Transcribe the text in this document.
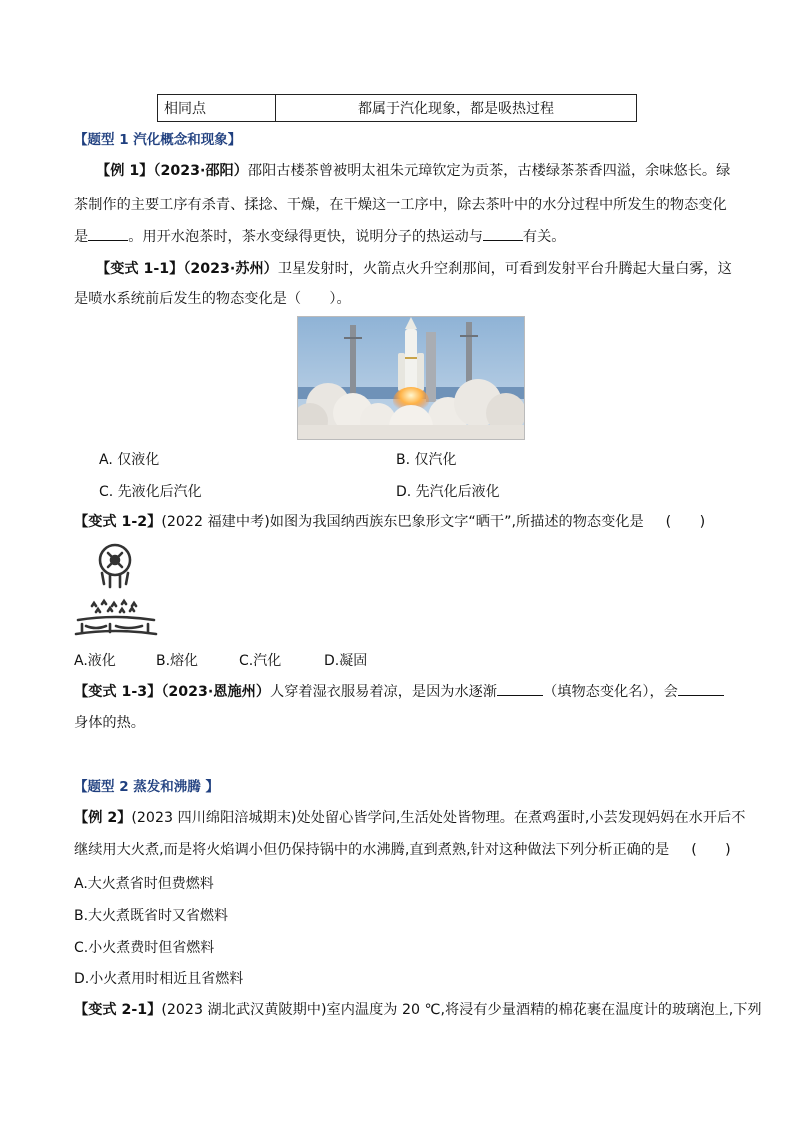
相同点	都属于汽化现象，都是吸热过程
【题型 1 汽化概念和现象】
【例 1】（2023·邵阳）邵阳古楼茶曾被明太祖朱元璋钦定为贡茶，古楼绿茶茶香四溢，余味悠长。绿
茶制作的主要工序有杀青、揉捻、干燥，在干燥这一工序中，除去茶叶中的水分过程中所发生的物态变化
是	。用开水泡茶时，茶水变绿得更快，说明分子的热运动与	有关。
【变式 1-1】（2023·苏州）卫星发射时，火箭点火升空刹那间，可看到发射平台升腾起大量白雾，这
是喷水系统前后发生的物态变化是（　　）。
A. 仅液化	B. 仅汽化
C. 先液化后汽化	D. 先汽化后液化
【变式 1-2】(2022 福建中考)如图为我国纳西族东巴象形文字“晒干”,所描述的物态变化是 (　　)
A.液化	B.熔化	C.汽化	D.凝固
【变式 1-3】（2023·恩施州）人穿着湿衣服易着凉，是因为水逐渐	（填物态变化名），会
身体的热。
【题型 2 蒸发和沸腾 】
【例 2】(2023 四川绵阳涪城期末)处处留心皆学问,生活处处皆物理。在煮鸡蛋时,小芸发现妈妈在水开后不
继续用大火煮,而是将火焰调小但仍保持锅中的水沸腾,直到煮熟,针对这种做法下列分析正确的是 (　　)
A.大火煮省时但费燃料
B.大火煮既省时又省燃料
C.小火煮费时但省燃料
D.小火煮用时相近且省燃料
【变式 2-1】(2023 湖北武汉黄陂期中)室内温度为 20 ℃,将浸有少量酒精的棉花裹在温度计的玻璃泡上,下列
